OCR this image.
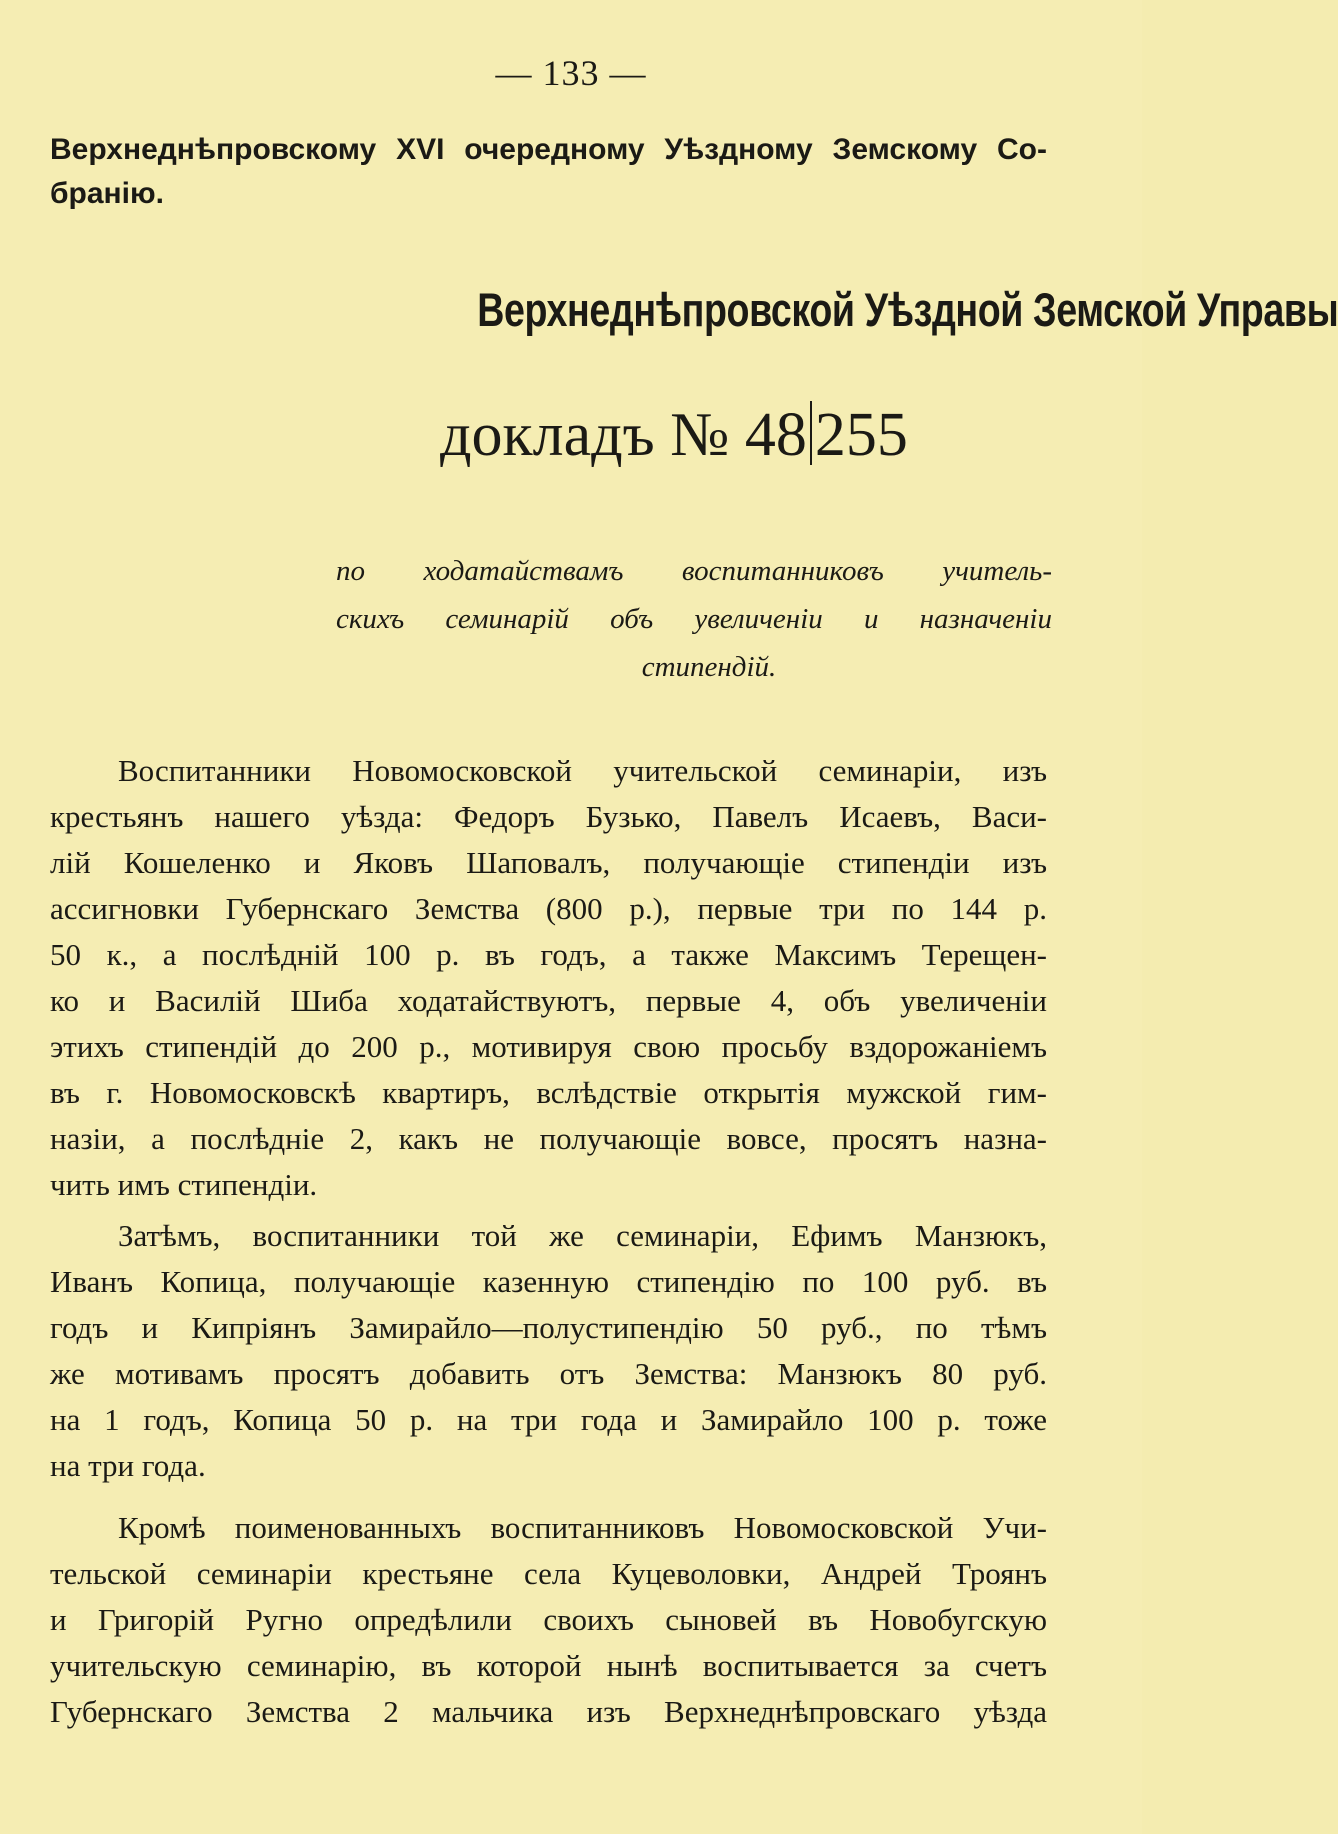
— 133 —
Верхнеднѣпровскому XVI очередному Уѣздному Земскому Со-
бранію.
Верхнеднѣпровской Уѣздной Земской Управы
докладъ № 48 255
по ходатайствамъ воспитанниковъ учитель-
скихъ семинарій объ увеличеніи и назначеніи
стипендій.

Воспитанники Новомосковской учительской семинаріи, изъ
крестьянъ нашего уѣзда: Федоръ Бузько, Павелъ Исаевъ, Васи-
лій Кошеленко и Яковъ Шаповалъ, получающіе стипендіи изъ
ассигновки Губернскаго Земства (800 р.), первые три по 144 р.
50 к., а послѣдній 100 р. въ годъ, а также Максимъ Терещен-
ко и Василій Шиба ходатайствуютъ, первые 4, объ увеличеніи
этихъ стипендій до 200 р., мотивируя свою просьбу вздорожаніемъ
въ г. Новомосковскѣ квартиръ, вслѣдствіе открытія мужской гим-
назіи, а послѣдніе 2, какъ не получающіе вовсе, просятъ назна-
чить имъ стипендіи.

Затѣмъ, воспитанники той же семинаріи, Ефимъ Манзюкъ,
Иванъ Копица, получающіе казенную стипендію по 100 руб. въ
годъ и Кипріянъ Замирайло—полустипендію 50 руб., по тѣмъ
же мотивамъ просятъ добавить отъ Земства: Манзюкъ 80 руб.
на 1 годъ, Копица 50 р. на три года и Замирайло 100 р. тоже
на три года.

Кромѣ поименованныхъ воспитанниковъ Новомосковской Учи-
тельской семинаріи крестьяне села Куцеволовки, Андрей Троянъ
и Григорій Ругно опредѣлили своихъ сыновей въ Новобугскую
учительскую семинарію, въ которой нынѣ воспитывается за счетъ
Губернскаго Земства 2 мальчика изъ Верхнеднѣпровскаго уѣзда
